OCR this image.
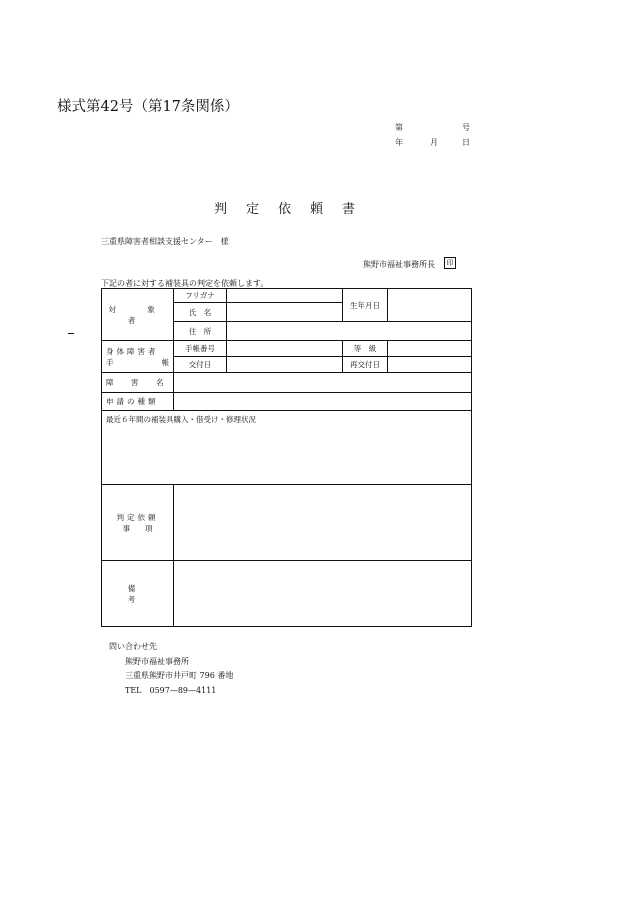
様式第42号（第17条関係）
第	号
年	月	日
判定依頼書
三重県障害者相談支援センター　様
熊野市福祉事務所長	印
下記の者に対する補装具の判定を依頼します。
対　象　者	フリガナ		生年月日	
	氏　名			
	住　所			

身体障害者
手 帳	手帳番号		等　級	
	交付日		再交付日	
障　害　名				
申請の種類				
最近６年間の補装具購入・借受け・修理状況				

判定依頼
事　　項				

備　　考				
問い合わせ先
熊野市福祉事務所
三重県熊野市井戸町 796 番地
TEL　0597—89—4111
